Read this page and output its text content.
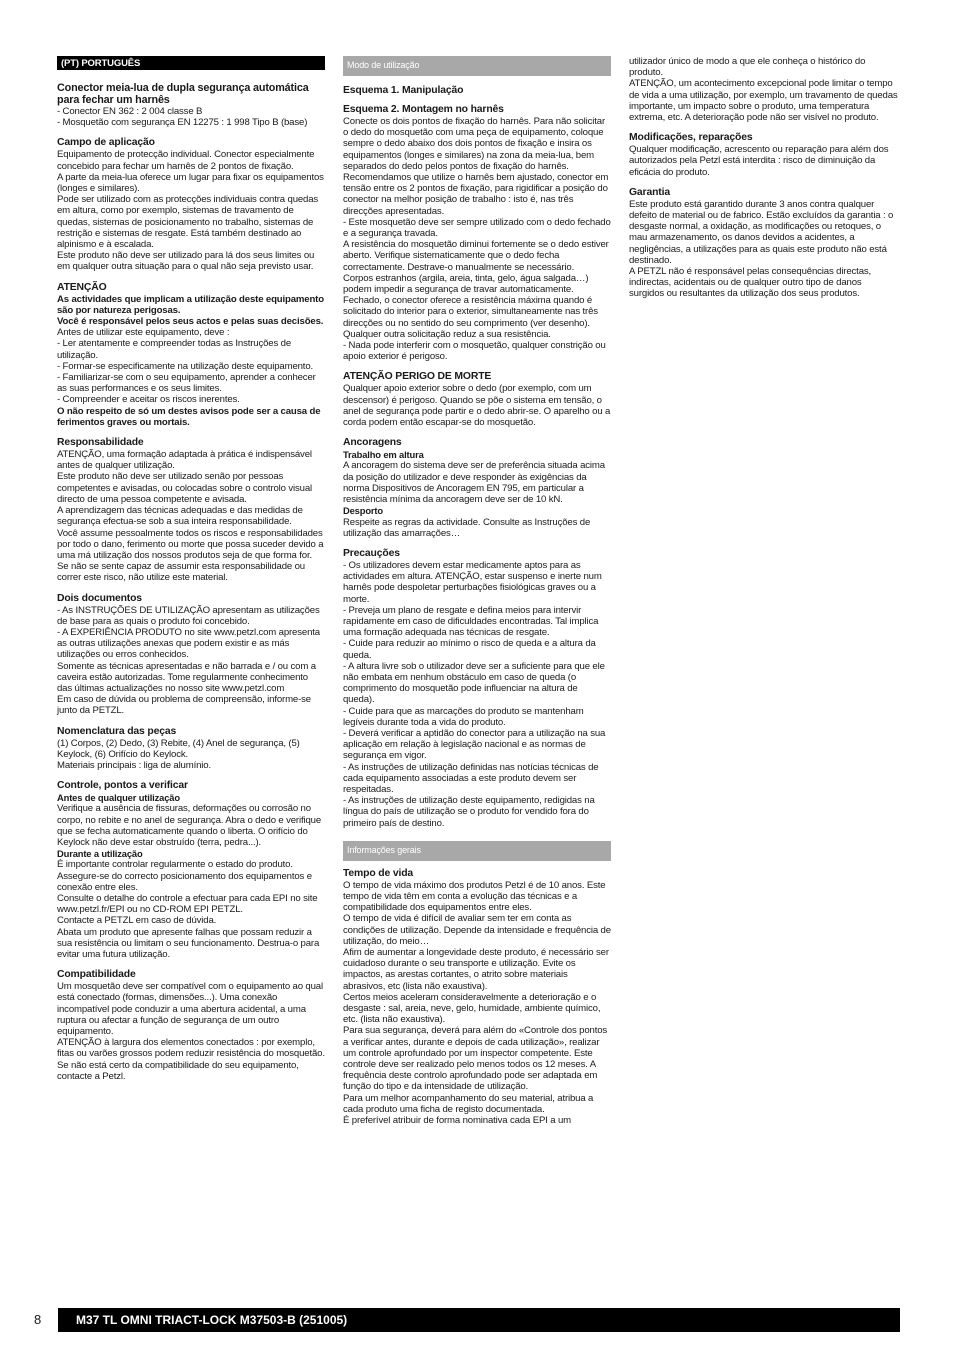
(PT) PORTUGUÊS
Conector meia-lua de dupla segurança automática para fechar um harnês

- Conector EN 362 : 2 004 classe B

- Mosquetão com segurança EN 12275 : 1 998 Tipo B (base)

Campo de aplicação

Equipamento de protecção individual. Conector especialmente concebido para fechar um harnês de 2 pontos de fixação.

A parte da meia-lua oferece um lugar para fixar os equipamentos (longes e similares).

Pode ser utilizado com as protecções individuais contra quedas em altura, como por exemplo, sistemas de travamento de quedas, sistemas de posicionamento no trabalho, sistemas de restrição e sistemas de resgate. Está também destinado ao alpinismo e à escalada.

Este produto não deve ser utilizado para lá dos seus limites ou em qualquer outra situação para o qual não seja previsto usar.

ATENÇÃO

As actividades que implicam a utilização deste equipamento são por natureza perigosas.

Você é responsável pelos seus actos e pelas suas decisões.

Antes de utilizar este equipamento, deve :

- Ler atentamente e compreender todas as Instruções de utilização.

- Formar-se especificamente na utilização deste equipamento.

- Familiarizar-se com o seu equipamento, aprender a conhecer as suas performances e os seus limites.

- Compreender e aceitar os riscos inerentes.

O não respeito de só um destes avisos pode ser a causa de ferimentos graves ou mortais.

Responsabilidade

ATENÇÃO, uma formação adaptada à prática é indispensável antes de qualquer utilização.

Este produto não deve ser utilizado senão por pessoas competentes e avisadas, ou colocadas sobre o controlo visual directo de uma pessoa competente e avisada.

A aprendizagem das técnicas adequadas e das medidas de segurança efectua-se sob a sua inteira responsabilidade.

Você assume pessoalmente todos os riscos e responsabilidades por todo o dano, ferimento ou morte que possa suceder devido a uma má utilização dos nossos produtos seja de que forma for. Se não se sente capaz de assumir esta responsabilidade ou correr este risco, não utilize este material.

Dois documentos

- As INSTRUÇÕES DE UTILIZAÇÃO apresentam as utilizações de base para as quais o produto foi concebido.

- A EXPERIÊNCIA PRODUTO no site www.petzl.com apresenta as outras utilizações anexas que podem existir e as más utilizações ou erros conhecidos.

Somente as técnicas apresentadas e não barrada e / ou com a caveira estão autorizadas. Tome regularmente conhecimento das últimas actualizações no nosso site www.petzl.com

Em caso de dúvida ou problema de compreensão, informe-se junto da PETZL.

Nomenclatura das peças

(1) Corpos, (2) Dedo, (3) Rebite, (4) Anel de segurança, (5) Keylock, (6) Orifício do Keylock.

Materiais principais : liga de alumínio.

Controle, pontos a verificar

Antes de qualquer utilização

Verifique a ausência de fissuras, deformações ou corrosão no corpo, no rebite e no anel de segurança. Abra o dedo e verifique que se fecha automaticamente quando o liberta. O orifício do Keylock não deve estar obstruído (terra, pedra...).

Durante a utilização

É importante controlar regularmente o estado do produto. Assegure-se do correcto posicionamento dos equipamentos e conexão entre eles.

Consulte o detalhe do controle a efectuar para cada EPI no site www.petzl.fr/EPI ou no CD-ROM EPI PETZL.

Contacte a PETZL em caso de dúvida.

Abata um produto que apresente falhas que possam reduzir a sua resistência ou limitam o seu funcionamento. Destrua-o para evitar uma futura utilização.

Compatibilidade

Um mosquetão deve ser compatível com o equipamento ao qual está conectado (formas, dimensões...). Uma conexão incompatível pode conduzir a uma abertura acidental, a uma ruptura ou afectar a função de segurança de um outro equipamento.

ATENÇÃO à largura dos elementos conectados : por exemplo, fitas ou varões grossos podem reduzir resistência do mosquetão.

Se não está certo da compatibilidade do seu equipamento, contacte a Petzl.

Modo de utilização
Esquema 1. Manipulação
Esquema 2. Montagem no harnês

Conecte os dois pontos de fixação do harnês. Para não solicitar o dedo do mosquetão com uma peça de equipamento, coloque sempre o dedo abaixo dos dois pontos de fixação e insira os equipamentos (longes e similares) na zona da meia-lua, bem separados do dedo pelos pontos de fixação do harnês.

Recomendamos que utilize o harnês bem ajustado, conector em tensão entre os 2 pontos de fixação, para rigidificar a posição do conector na melhor posição de trabalho : isto é, nas três direcções apresentadas.

- Este mosquetão deve ser sempre utilizado com o dedo fechado e a segurança travada.

A resistência do mosquetão diminui fortemente se o dedo estiver aberto. Verifique sistematicamente que o dedo fecha correctamente. Destrave-o manualmente se necessário.

Corpos estranhos (argila, areia, tinta, gelo, água salgada…) podem impedir a segurança de travar automaticamente.

Fechado, o conector oferece a resistência máxima quando é solicitado do interior para o exterior, simultaneamente nas três direcções ou no sentido do seu comprimento (ver desenho). Qualquer outra solicitação reduz a sua resistência.

- Nada pode interferir com o mosquetão, qualquer constrição ou apoio exterior é perigoso.

ATENÇÃO PERIGO DE MORTE

Qualquer apoio exterior sobre o dedo (por exemplo, com um descensor) é perigoso. Quando se põe o sistema em tensão, o anel de segurança pode partir e o dedo abrir-se. O aparelho ou a corda podem então escapar-se do mosquetão.

Ancoragens

Trabalho em altura

A ancoragem do sistema deve ser de preferência situada acima da posição do utilizador e deve responder às exigências da norma Dispositivos de Ancoragem EN 795, em particular a resistência mínima da ancoragem deve ser de 10 kN.

Desporto

Respeite as regras da actividade. Consulte as Instruções de utilização das amarrações…

Precauções

- Os utilizadores devem estar medicamente aptos para as actividades em altura. ATENÇÃO, estar suspenso e inerte num harnês pode despoletar perturbações fisiológicas graves ou a morte.

- Preveja um plano de resgate e defina meios para intervir rapidamente em caso de dificuldades encontradas. Tal implica uma formação adequada nas técnicas de resgate.

- Cuide para reduzir ao mínimo o risco de queda e a altura da queda.

- A altura livre sob o utilizador deve ser a suficiente para que ele não embata em nenhum obstáculo em caso de queda (o comprimento do mosquetão pode influenciar na altura de queda).

- Cuide para que as marcações do produto se mantenham legíveis durante toda a vida do produto.

- Deverá verificar a aptidão do conector para a utilização na sua aplicação em relação à legislação nacional e as normas de segurança em vigor.

- As instruções de utilização definidas nas notícias técnicas de cada equipamento associadas a este produto devem ser respeitadas.

- As instruções de utilização deste equipamento, redigidas na língua do país de utilização se o produto for vendido fora do primeiro país de destino.

Informações gerais
Tempo de vida

O tempo de vida máximo dos produtos Petzl é de 10 anos. Este tempo de vida têm em conta a evolução das técnicas e a compatibilidade dos equipamentos entre eles.

O tempo de vida é difícil de avaliar sem ter em conta as condições de utilização. Depende da intensidade e frequência de utilização, do meio…

Afim de aumentar a longevidade deste produto, é necessário ser cuidadoso durante o seu transporte e utilização. Evite os impactos, as arestas cortantes, o atrito sobre materiais abrasivos, etc (lista não exaustiva).

Certos meios aceleram consideravelmente a deterioração e o desgaste : sal, areia, neve, gelo, humidade, ambiente químico, etc. (lista não exaustiva).

Para sua segurança, deverá para além do «Controle dos pontos a verificar antes, durante e depois de cada utilização», realizar um controle aprofundado por um inspector competente. Este controle deve ser realizado pelo menos todos os 12 meses. A frequência deste controlo aprofundado pode ser adaptada em função do tipo e da intensidade de utilização.

Para um melhor acompanhamento do seu material, atribua a cada produto uma ficha de registo documentada.

É preferível atribuir de forma nominativa cada EPI a um

utilizador único de modo a que ele conheça o histórico do produto.

ATENÇÃO, um acontecimento excepcional pode limitar o tempo de vida a uma utilização, por exemplo, um travamento de quedas importante, um impacto sobre o produto, uma temperatura extrema, etc. A deterioração pode não ser visível no produto.

Modificações, reparações

Qualquer modificação, acrescento ou reparação para além dos autorizados pela Petzl está interdita : risco de diminuição da eficácia do produto.

Garantia

Este produto está garantido durante 3 anos contra qualquer defeito de material ou de fabrico. Estão excluídos da garantia : o desgaste normal, a oxidação, as modificações ou retoques, o mau armazenamento, os danos devidos a acidentes, a negligências, a utilizações para as quais este produto não está destinado.

A PETZL não é responsável pelas consequências directas, indirectas, acidentais ou de qualquer outro tipo de danos surgidos ou resultantes da utilização dos seus produtos.

8	M37 TL OMNI TRIACT-LOCK M37503-B (251005)
